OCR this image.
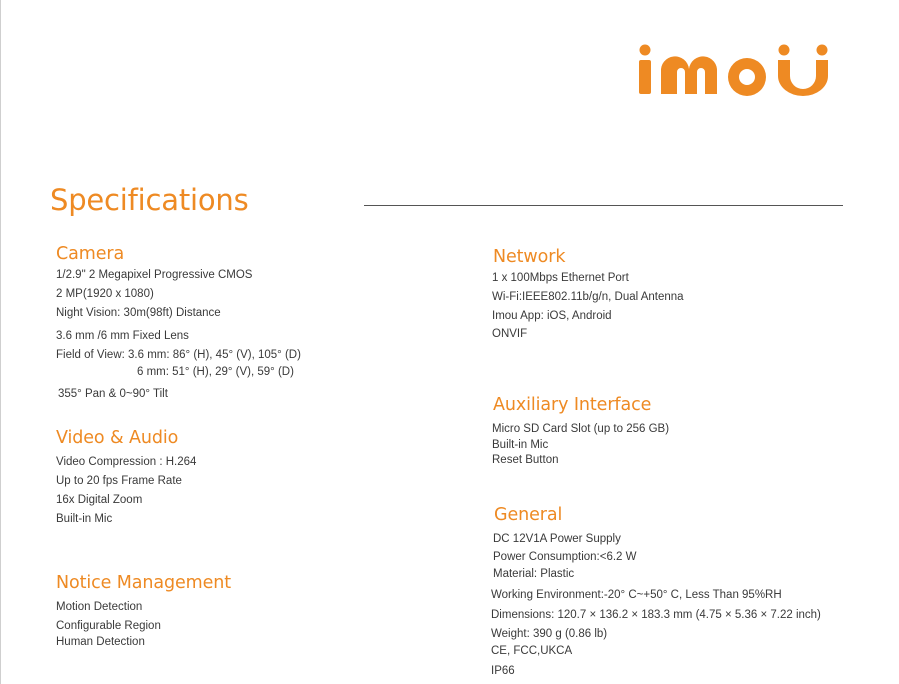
Specifications
Camera
1/2.9" 2 Megapixel Progressive CMOS
2 MP(1920 x 1080)
Night Vision: 30m(98ft) Distance
3.6 mm /6 mm Fixed Lens
Field of View: 3.6 mm: 86° (H), 45° (V), 105° (D)
6 mm: 51° (H), 29° (V), 59° (D)
355° Pan & 0~90° Tilt
Video & Audio
Video Compression : H.264
Up to 20 fps Frame Rate
16x Digital Zoom
Built-in Mic
Notice Management
Motion Detection
Configurable Region
Human Detection
Network
1 x 100Mbps Ethernet Port
Wi-Fi:IEEE802.11b/g/n, Dual Antenna
Imou App: iOS, Android
ONVIF
Auxiliary Interface
Micro SD Card Slot (up to 256 GB)
Built-in Mic
Reset Button
General
DC 12V1A Power Supply
Power Consumption:<6.2 W
Material: Plastic
Working Environment:-20° C~+50° C, Less Than 95%RH
Dimensions: 120.7 × 136.2 × 183.3 mm (4.75 × 5.36 × 7.22 inch)
Weight: 390 g (0.86 lb)
CE, FCC,UKCA
IP66
